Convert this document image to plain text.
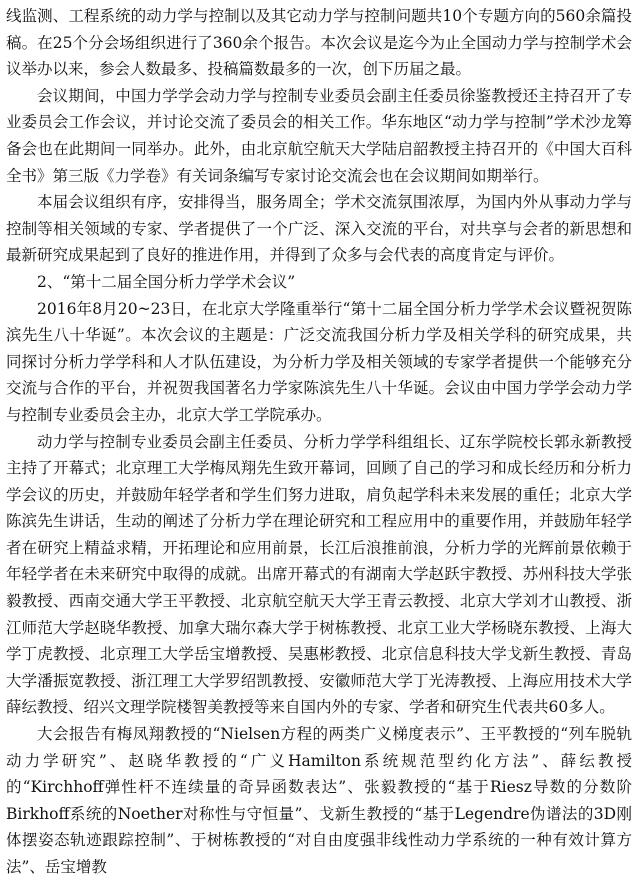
线监测、工程系统的动力学与控制以及其它动力学与控制问题共10个专题方向的560余篇投稿。在25个分会场组织进行了360余个报告。本次会议是迄今为止全国动力学与控制学术会议举办以来，参会人数最多、投稿篇数最多的一次，创下历届之最。

会议期间，中国力学学会动力学与控制专业委员会副主任委员徐鉴教授还主持召开了专业委员会工作会议，并讨论交流了委员会的相关工作。华东地区“动力学与控制”学术沙龙筹备会也在此期间一同举办。此外，由北京航空航天大学陆启韶教授主持召开的《中国大百科全书》第三版《力学卷》有关词条编写专家讨论交流会也在会议期间如期举行。

本届会议组织有序，安排得当，服务周全；学术交流氛围浓厚，为国内外从事动力学与控制等相关领域的专家、学者提供了一个广泛、深入交流的平台，对共享与会者的新思想和最新研究成果起到了良好的推进作用，并得到了众多与会代表的高度肯定与评价。

2、“第十二届全国分析力学学术会议”

2016年8月20~23日，在北京大学隆重举行“第十二届全国分析力学学术会议暨祝贺陈滨先生八十华诞”。本次会议的主题是：广泛交流我国分析力学及相关学科的研究成果，共同探讨分析力学学科和人才队伍建设，为分析力学及相关领域的专家学者提供一个能够充分交流与合作的平台，并祝贺我国著名力学家陈滨先生八十华诞。会议由中国力学学会动力学与控制专业委员会主办，北京大学工学院承办。

动力学与控制专业委员会副主任委员、分析力学学科组组长、辽东学院校长郭永新教授主持了开幕式；北京理工大学梅凤翔先生致开幕词，回顾了自己的学习和成长经历和分析力学会议的历史，并鼓励年轻学者和学生们努力进取，肩负起学科未来发展的重任；北京大学陈滨先生讲话，生动的阐述了分析力学在理论研究和工程应用中的重要作用，并鼓励年轻学者在研究上精益求精，开拓理论和应用前景，长江后浪推前浪，分析力学的光辉前景依赖于年轻学者在未来研究中取得的成就。出席开幕式的有湖南大学赵跃宇教授、苏州科技大学张毅教授、西南交通大学王平教授、北京航空航天大学王青云教授、北京大学刘才山教授、浙江师范大学赵晓华教授、加拿大瑞尔森大学于树栋教授、北京工业大学杨晓东教授、上海大学丁虎教授、北京理工大学岳宝增教授、吴惠彬教授、北京信息科技大学戈新生教授、青岛大学潘振宽教授、浙江理工大学罗绍凯教授、安徽师范大学丁光涛教授、上海应用技术大学薛纭教授、绍兴文理学院楼智美教授等来自国内外的专家、学者和研究生代表共60多人。

大会报告有梅凤翔教授的“Nielsen方程的两类广义梯度表示”、王平教授的“列车脱轨动力学研究”、赵晓华教授的“广义Hamilton系统规范型约化方法”、薛纭教授的“Kirchhoff弹性杆不连续量的奇异函数表达”、张毅教授的“基于Riesz导数的分数阶Birkhoff系统的Noether对称性与守恒量”、戈新生教授的“基于Legendre伪谱法的3D刚体摆姿态轨迹跟踪控制”、于树栋教授的“对自由度强非线性动力学系统的一种有效计算方法”、岳宝增教
